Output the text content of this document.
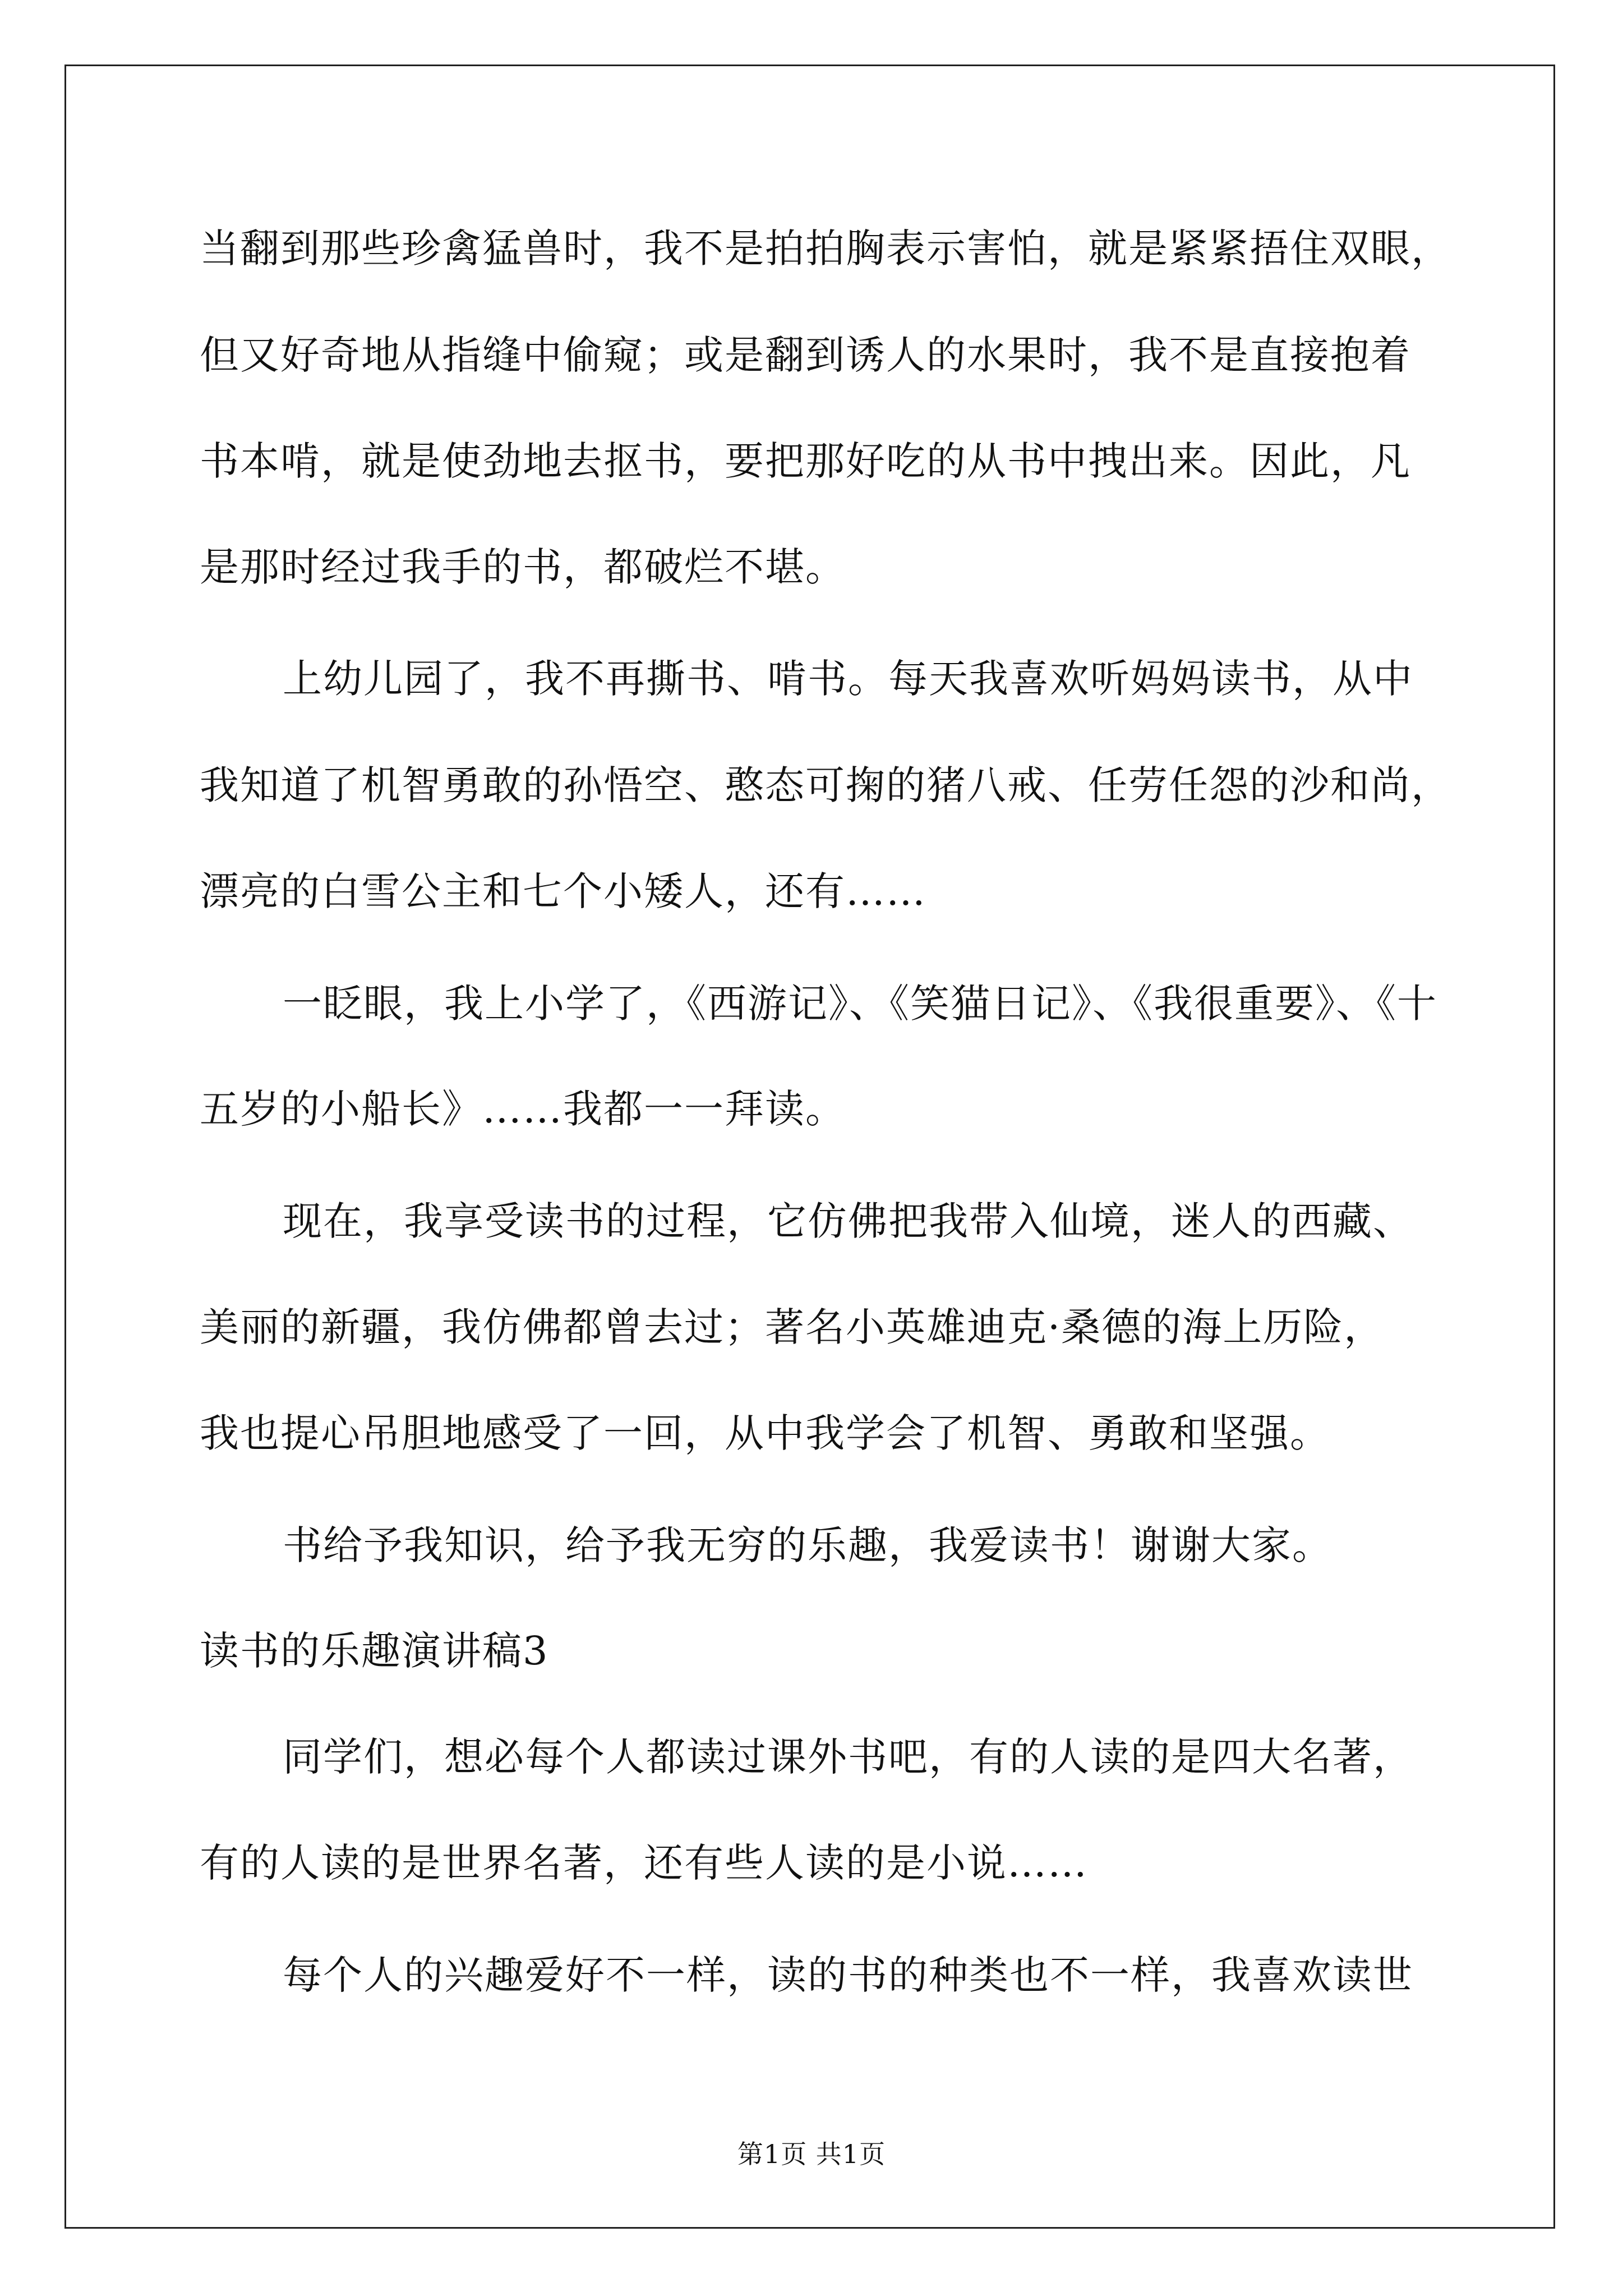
当翻到那些珍禽猛兽时，我不是拍拍胸表示害怕，就是紧紧捂住双眼，
但又好奇地从指缝中偷窥；或是翻到诱人的水果时，我不是直接抱着
书本啃，就是使劲地去抠书，要把那好吃的从书中拽出来。因此，凡
是那时经过我手的书，都破烂不堪。
上幼儿园了，我不再撕书、啃书。每天我喜欢听妈妈读书，从中
我知道了机智勇敢的孙悟空、憨态可掬的猪八戒、任劳任怨的沙和尚，
漂亮的白雪公主和七个小矮人，还有……
一眨眼，我上小学了，《西游记》、《笑猫日记》、《我很重要》、《十
五岁的小船长》……我都一一拜读。
现在，我享受读书的过程，它仿佛把我带入仙境，迷人的西藏、
美丽的新疆，我仿佛都曾去过；著名小英雄迪克·桑德的海上历险，
我也提心吊胆地感受了一回，从中我学会了机智、勇敢和坚强。
书给予我知识，给予我无穷的乐趣，我爱读书！谢谢大家。
读书的乐趣演讲稿3
同学们，想必每个人都读过课外书吧，有的人读的是四大名著，
有的人读的是世界名著，还有些人读的是小说……
每个人的兴趣爱好不一样，读的书的种类也不一样，我喜欢读世
第1页 共1页
